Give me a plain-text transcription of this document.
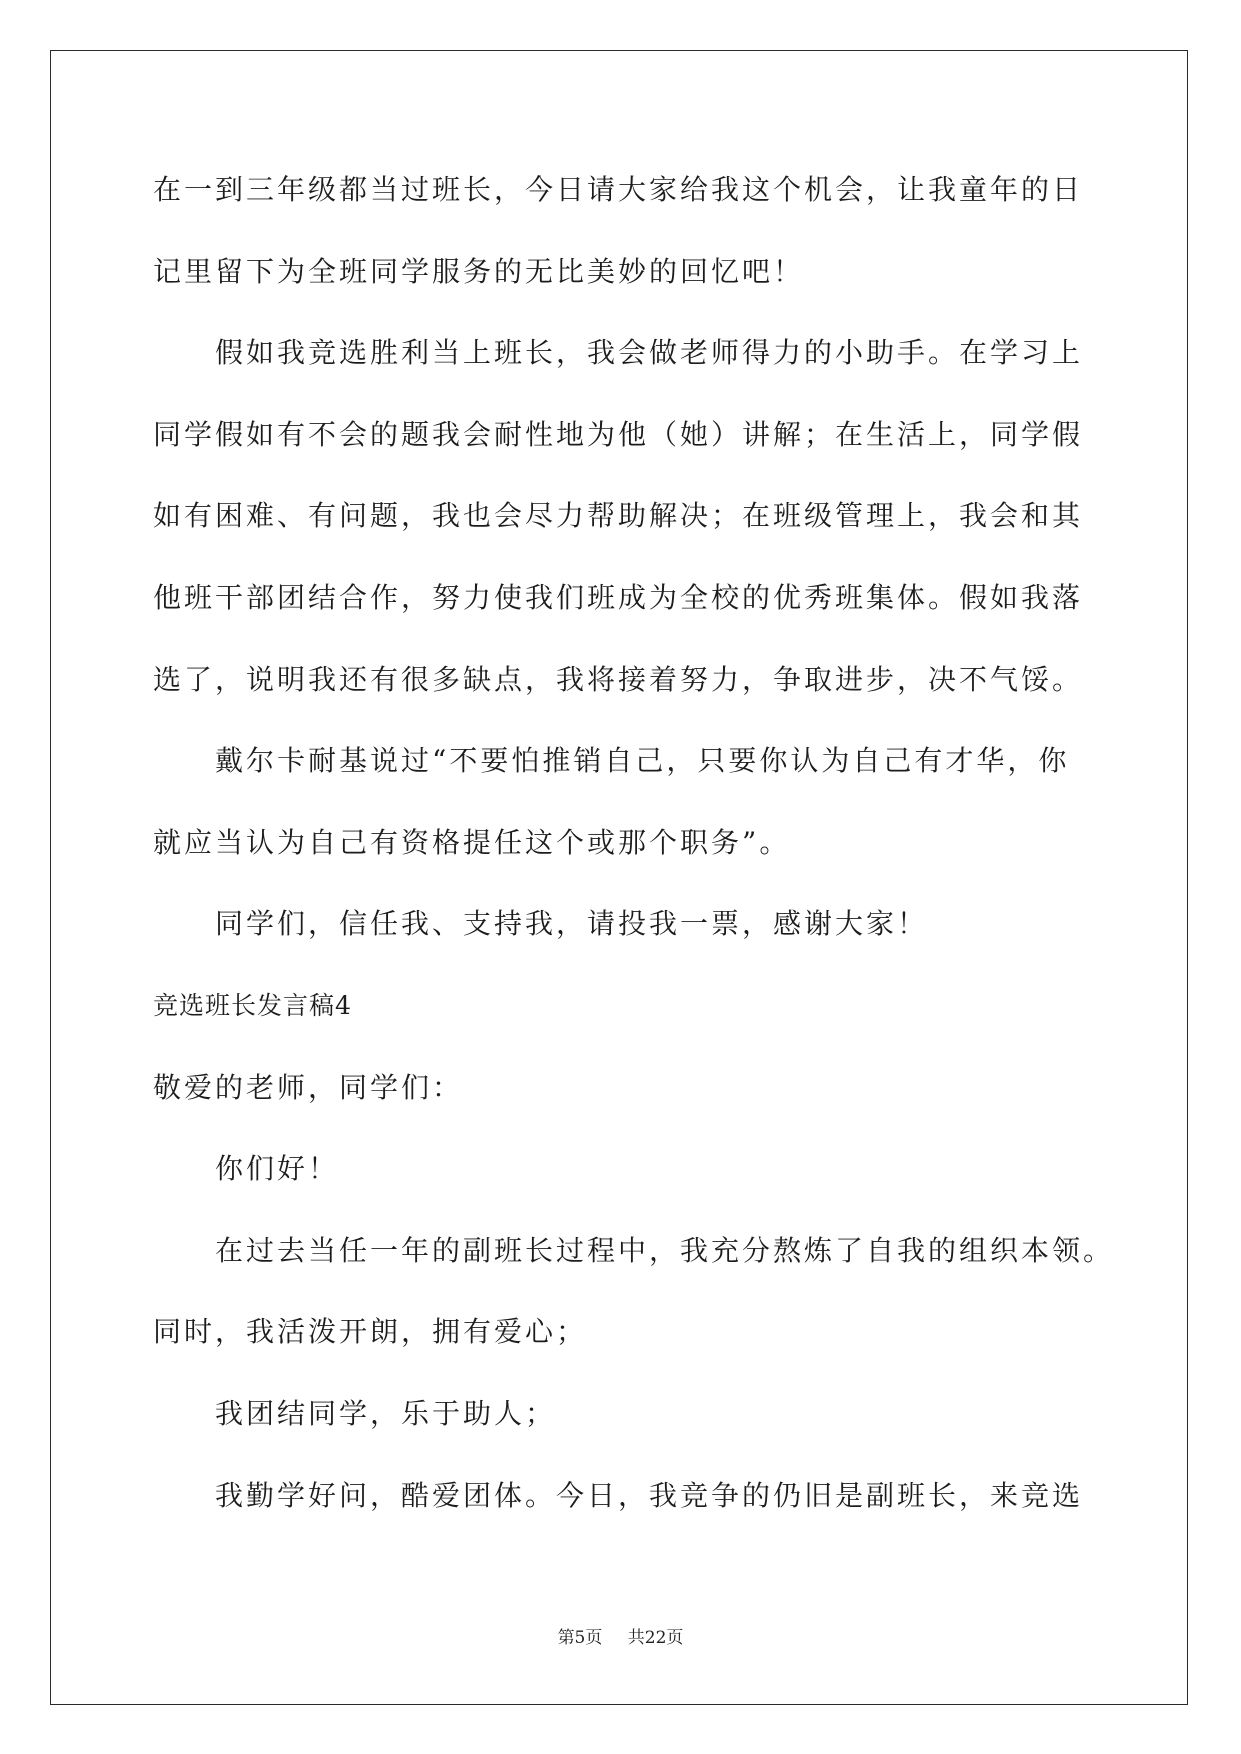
在一到三年级都当过班长，今日请大家给我这个机会，让我童年的日
记里留下为全班同学服务的无比美妙的回忆吧！
假如我竞选胜利当上班长，我会做老师得力的小助手。在学习上
同学假如有不会的题我会耐性地为他（她）讲解；在生活上，同学假
如有困难、有问题，我也会尽力帮助解决；在班级管理上，我会和其
他班干部团结合作，努力使我们班成为全校的优秀班集体。假如我落
选了，说明我还有很多缺点，我将接着努力，争取进步，决不气馁。
戴尔卡耐基说过“不要怕推销自己，只要你认为自己有才华，你
就应当认为自己有资格提任这个或那个职务”。
同学们，信任我、支持我，请投我一票，感谢大家！
竞选班长发言稿4
敬爱的老师，同学们：
你们好！
在过去当任一年的副班长过程中，我充分熬炼了自我的组织本领。
同时，我活泼开朗，拥有爱心；
我团结同学，乐于助人；
我勤学好问，酷爱团体。今日，我竞争的仍旧是副班长，来竞选
第5页 共22页
